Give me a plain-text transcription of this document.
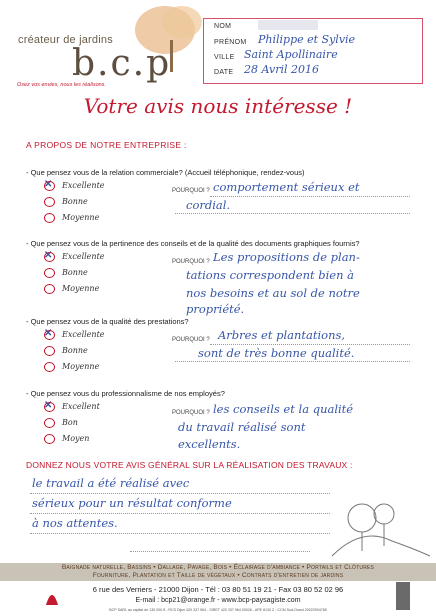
créateur de jardins
b.c.p
Osez vos envies, nous les réalisons.
NOM
PRÉNOM Philippe et Sylvie
VILLE Saint Apollinaire
DATE 28 Avril 2016
Votre avis nous intéresse !
A PROPOS DE NOTRE ENTREPRISE :
- Que pensez vous de la relation commerciale? (Accueil téléphonique, rendez-vous)
✕ Excellente
Bonne
Moyenne
POURQUOI ? comportement sérieux et
cordial.
- Que pensez vous de la pertinence des conseils et de la qualité des documents graphiques fournis?
✕ Excellente
Bonne
Moyenne
POURQUOI ? Les propositions de plan-
tations correspondent bien à
nos besoins et au sol de notre
propriété.
- Que pensez vous de la qualité des prestations?
✕ Excellente
Bonne
Moyenne
POURQUOI ? Arbres et plantations,
sont de très bonne qualité.
- Que pensez vous du professionnalisme de nos employés?
✕ Excellent
Bon
Moyen
POURQUOI ? les conseils et la qualité
du travail réalisé sont
excellents.
DONNEZ NOUS VOTRE AVIS GÉNÉRAL SUR LA RÉALISATION DES TRAVAUX :
le travail a été réalisé avec
sérieux pour un résultat conforme
à nos attentes.
Baignade naturelle, Bassins • Dallage, Pavage, Bois • Éclairage d'ambiance • Portails et Clôtures
Fourniture, Plantation et Taille de végétaux • Contrats d'entretien de jardins
6 rue des Verriers - 21000 Dijon - Tél : 03 80 51 19 21 - Fax 03 80 52 02 96
E-mail : bcp21@orange.fr - www.bcp-paysagiste.com
BCP SARL au capital de 130 000 € - RCS Dijon 420 337 964 - SIRET 420 337 964 00026 - APE 8130 Z - CCM Sud-Ouest 20022904785
